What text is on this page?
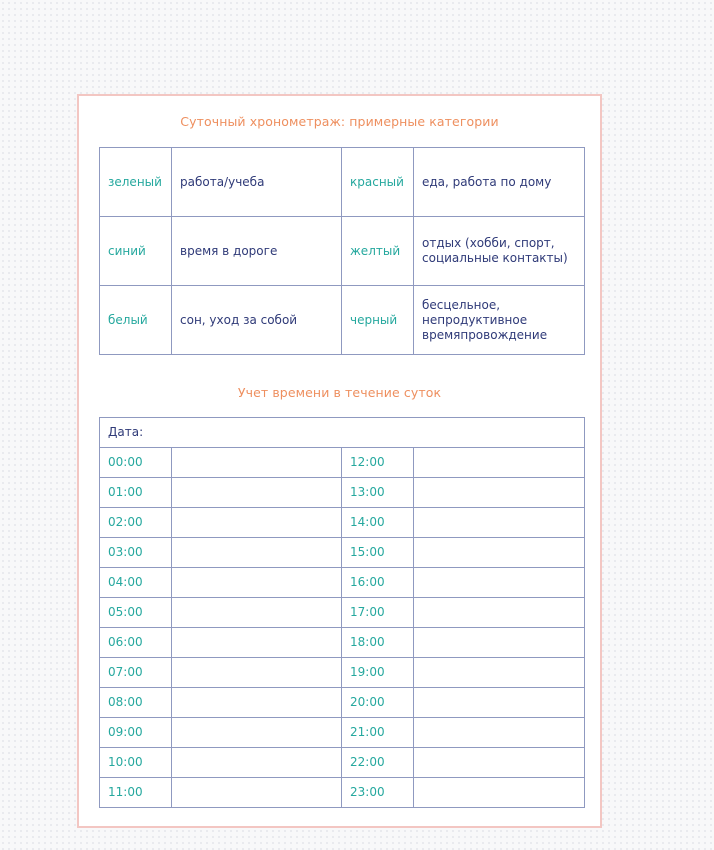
Суточный хронометраж: примерные категории
зеленый	работа/учеба	красный	еда, работа по дому
синий	время в дороге	желтый	отдых (хобби, спорт, социальные контакты)
белый	сон, уход за собой	черный	бесцельное, непродуктивное времяпровождение
Учет времени в течение суток
Дата:			
00:00		12:00	
01:00		13:00	
02:00		14:00	
03:00		15:00	
04:00		16:00	
05:00		17:00	
06:00		18:00	
07:00		19:00	
08:00		20:00	
09:00		21:00	
10:00		22:00	
11:00		23:00	
